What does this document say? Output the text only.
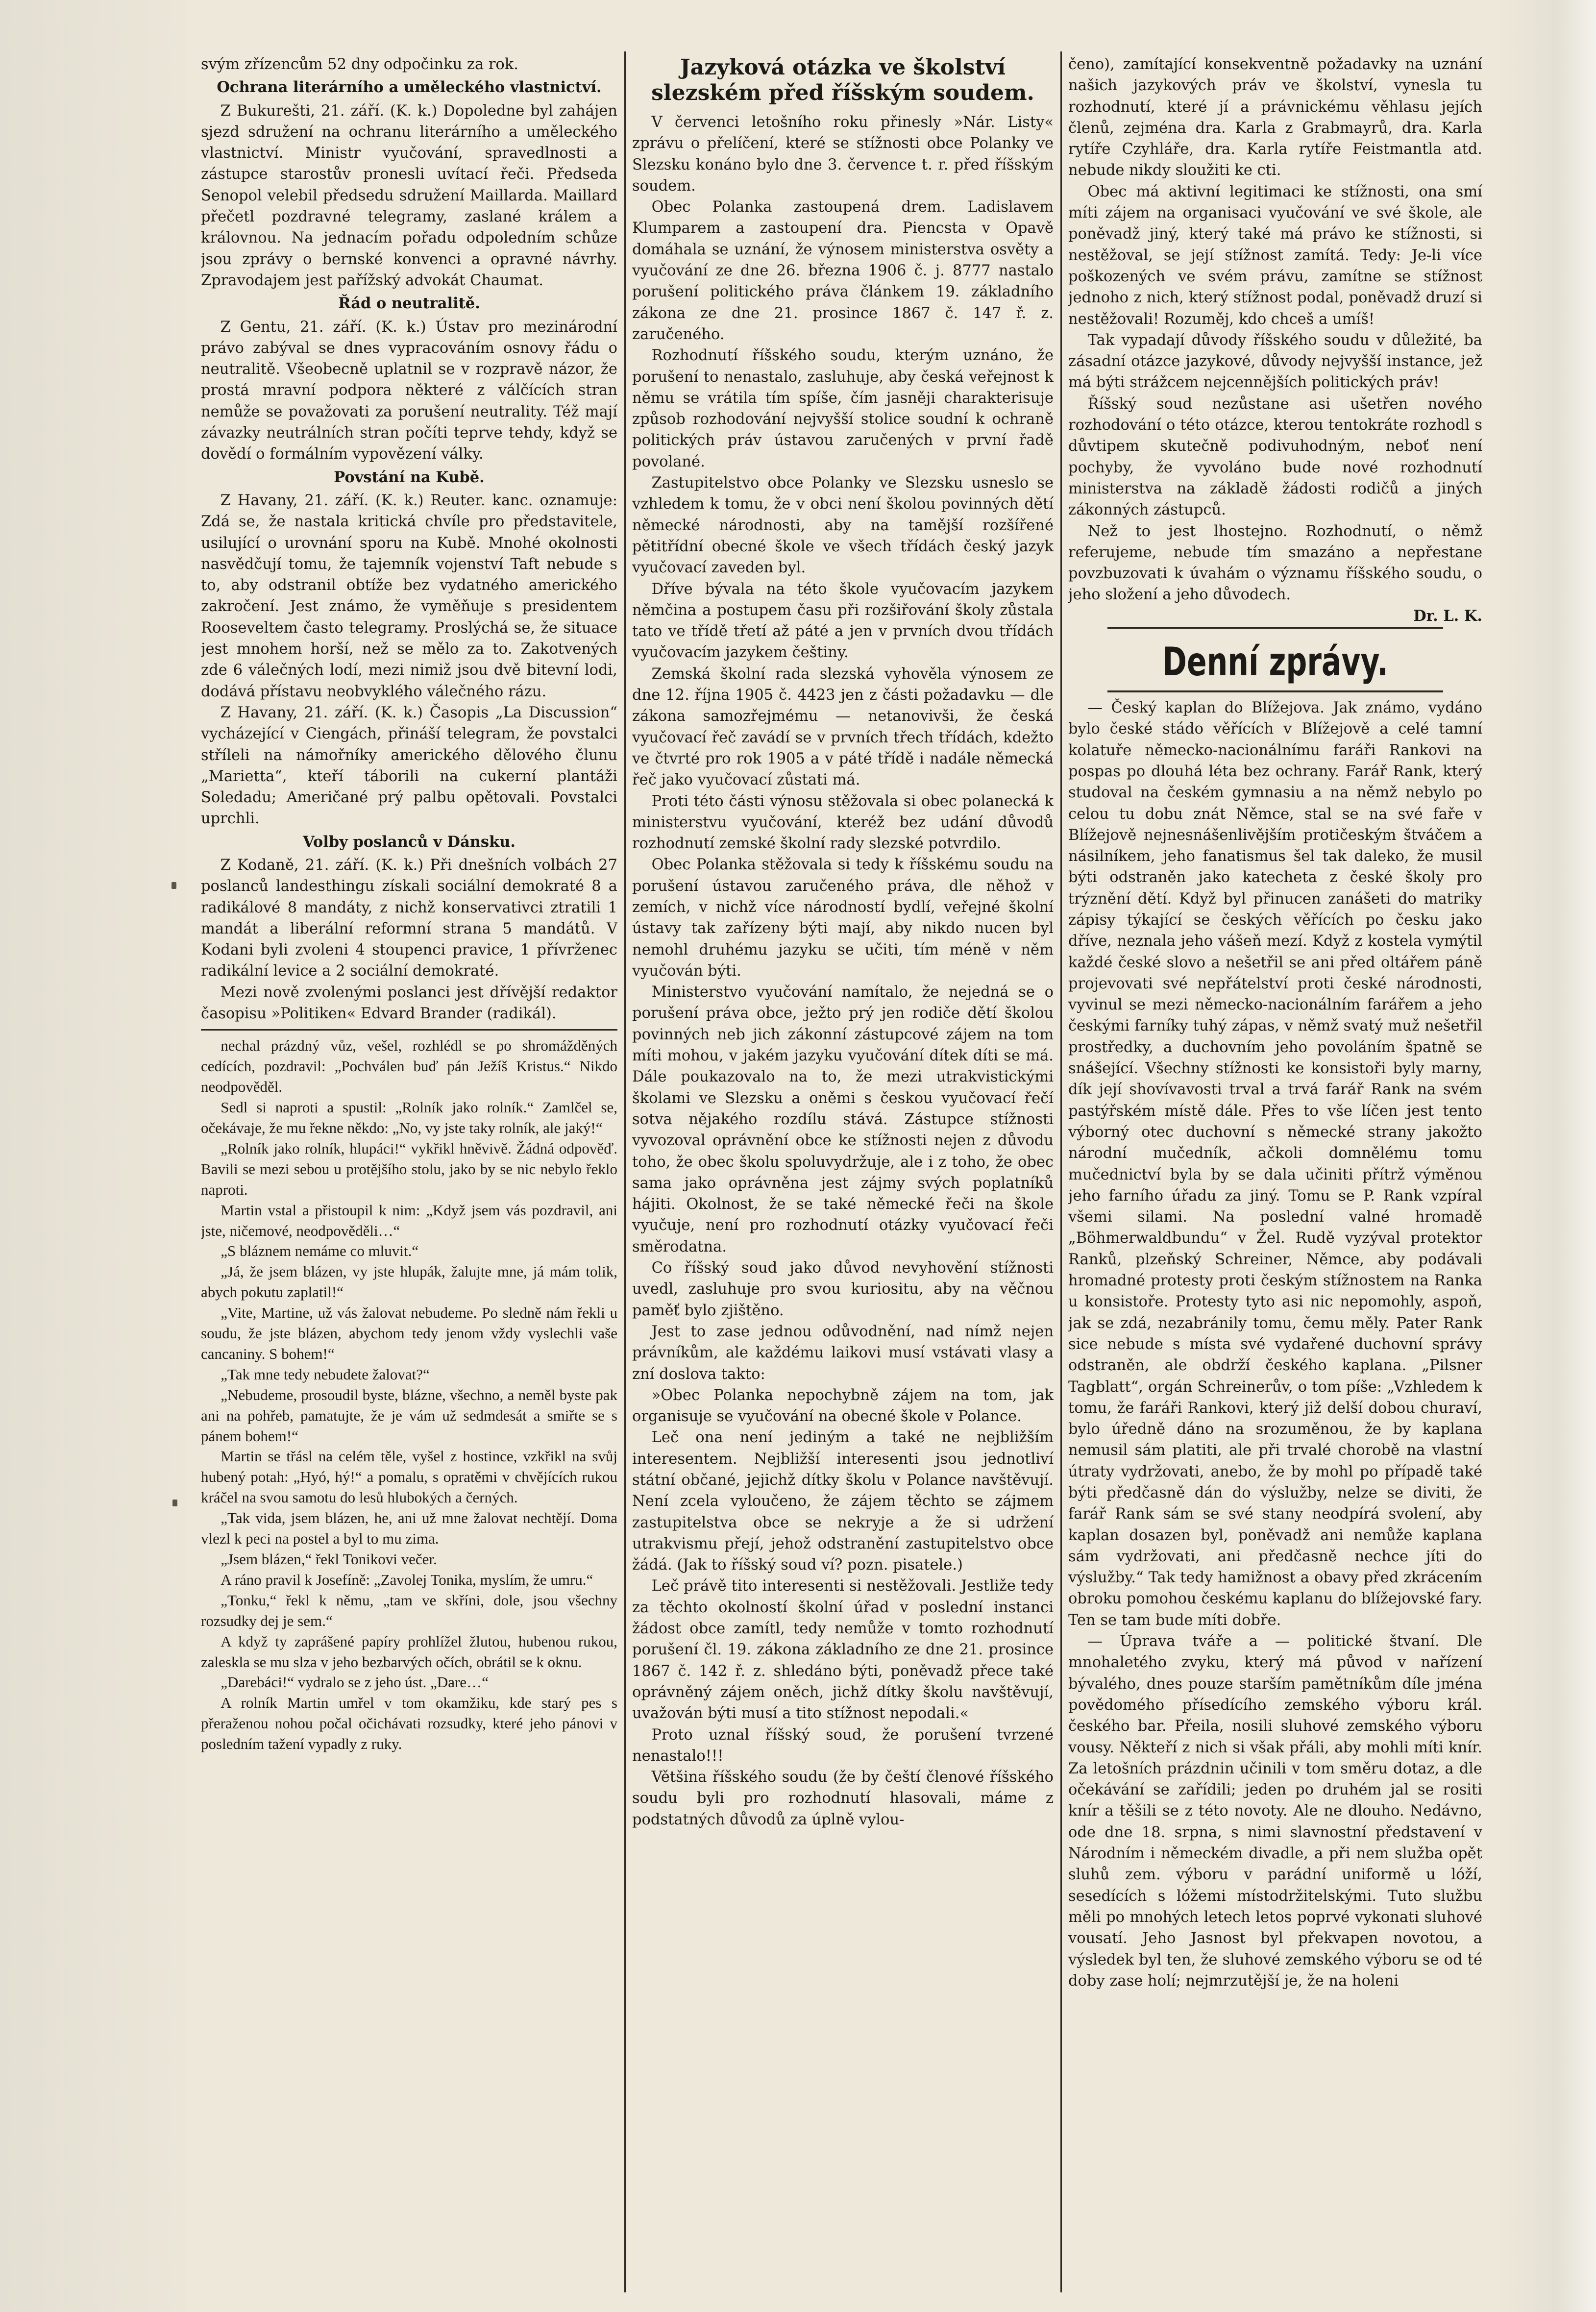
svým zřízencům 52 dny odpočinku za rok.

Ochrana literárního a uměleckého vlastnictví.

Z Bukurešti, 21. září. (K. k.) Dopoledne byl zahájen sjezd sdružení na ochranu literárního a uměleckého vlastnictví. Ministr vyučování, spravedlnosti a zástupce starostův pronesli uvítací řeči. Předseda Senopol velebil předsedu sdružení Maillarda. Maillard přečetl pozdravné telegramy, zaslané králem a královnou. Na jednacím pořadu odpoledním schůze jsou zprávy o bernské konvenci a opravné návrhy. Zpravodajem jest pařížský advokát Chaumat.

Řád o neutralitě.

Z Gentu, 21. září. (K. k.) Ústav pro mezinárodní právo zabýval se dnes vypracováním osnovy řádu o neutralitě. Všeobecně uplatnil se v rozpravě názor, že prostá mravní podpora některé z válčících stran nemůže se považovati za porušení neutrality. Též mají závazky neutrálních stran počíti teprve tehdy, když se dovědí o formálním vypovězení války.

Povstání na Kubě.

Z Havany, 21. září. (K. k.) Reuter. kanc. oznamuje: Zdá se, že nastala kritická chvíle pro představitele, usilující o urovnání sporu na Kubě. Mnohé okolnosti nasvědčují tomu, že tajemník vojenství Taft nebude s to, aby odstranil obtíže bez vydatného amerického zakročení. Jest známo, že vyměňuje s presidentem Rooseveltem často telegramy. Proslýchá se, že situace jest mnohem horší, než se mělo za to. Zakotvených zde 6 válečných lodí, mezi nimiž jsou dvě bitevní lodi, dodává přístavu neobvyklého válečného rázu.

Z Havany, 21. září. (K. k.) Časopis „La Discussion“ vycházející v Ciengách, přináší telegram, že povstalci stříleli na námořníky amerického dělového člunu „Marietta“, kteří táborili na cukerní plantáži Soledadu; Američané prý palbu opětovali. Povstalci uprchli.

Volby poslanců v Dánsku.

Z Kodaně, 21. září. (K. k.) Při dnešních volbách 27 poslanců landesthingu získali sociální demokraté 8 a radikálové 8 mandáty, z nichž konservativci ztratili 1 mandát a liberální reformní strana 5 mandátů. V Kodani byli zvoleni 4 stoupenci pravice, 1 přívrženec radikální levice a 2 sociální demokraté.

Mezi nově zvolenými poslanci jest dřívější redaktor časopisu »Politiken« Edvard Brander (radikál).

nechal prázdný vůz, vešel, rozhlédl se po shromážděných cedících, pozdravil: „Pochválen buď pán Ježíš Kristus.“ Nikdo neodpověděl.

Sedl si naproti a spustil: „Rolník jako rolník.“ Zamlčel se, očekávaje, že mu řekne někdo: „No, vy jste taky rolník, ale jaký!“

„Rolník jako rolník, hlupáci!“ vykřikl hněvivě. Žádná odpověď. Bavili se mezi sebou u protějšího stolu, jako by se nic nebylo řeklo naproti.

Martin vstal a přistoupil k nim: „Když jsem vás pozdravil, ani jste, ničemové, neodpověděli…“

„S bláznem nemáme co mluvit.“

„Já, že jsem blázen, vy jste hlupák, žalujte mne, já mám tolik, abych pokutu zaplatil!“

„Vite, Martine, už vás žalovat nebudeme. Po sledně nám řekli u soudu, že jste blázen, abychom tedy jenom vždy vyslechli vaše cancaniny. S bohem!“

„Tak mne tedy nebudete žalovat?“

„Nebudeme, prosoudil byste, blázne, všechno, a neměl byste pak ani na pohřeb, pamatujte, že je vám už sedmdesát a smiřte se s pánem bohem!“

Martin se třásl na celém těle, vyšel z hostince, vzkřikl na svůj hubený potah: „Hyó, hý!“ a pomalu, s opratěmi v chvějících rukou kráčel na svou samotu do lesů hlubokých a černých.

„Tak vida, jsem blázen, he, ani už mne žalovat nechtějí. Doma vlezl k peci na postel a byl to mu zima.

„Jsem blázen,“ řekl Tonikovi večer.

A ráno pravil k Josefíně: „Zavolej Tonika, myslím, že umru.“

„Tonku,“ řekl k němu, „tam ve skříni, dole, jsou všechny rozsudky dej je sem.“

A když ty zaprášené papíry prohlížel žlutou, hubenou rukou, zaleskla se mu slza v jeho bezbarvých očích, obrátil se k oknu.

„Darebáci!“ vydralo se z jeho úst. „Dare…“

A rolník Martin umřel v tom okamžiku, kde starý pes s přeraženou nohou počal očichávati rozsudky, které jeho pánovi v posledním tažení vypadly z ruky.

Jazyková otázka ve školství slezském před říšským soudem.

V červenci letošního roku přinesly »Nár. Listy« zprávu o přelíčení, které se stížnosti obce Polanky ve Slezsku konáno bylo dne 3. července t. r. před říšským soudem.

Obec Polanka zastoupená drem. Ladislavem Klumparem a zastoupení dra. Piencsta v Opavě domáhala se uznání, že výnosem ministerstva osvěty a vyučování ze dne 26. března 1906 č. j. 8777 nastalo porušení politického práva článkem 19. základního zákona ze dne 21. prosince 1867 č. 147 ř. z. zaručeného.

Rozhodnutí říšského soudu, kterým uznáno, že porušení to nenastalo, zasluhuje, aby česká veřejnost k němu se vrátila tím spíše, čím jasněji charakterisuje způsob rozhodování nejvyšší stolice soudní k ochraně politických práv ústavou zaručených v první řadě povolané.

Zastupitelstvo obce Polanky ve Slezsku usneslo se vzhledem k tomu, že v obci není školou povinných dětí německé národnosti, aby na tamější rozšířené pětitřídní obecné škole ve všech třídách český jazyk vyučovací zaveden byl.

Dříve bývala na této škole vyučovacím jazykem němčina a postupem času při rozšiřování školy zůstala tato ve třídě třetí až páté a jen v prvních dvou třídách vyučovacím jazykem češtiny.

Zemská školní rada slezská vyhověla výnosem ze dne 12. října 1905 č. 4423 jen z části požadavku — dle zákona samozřejmému — netanovivši, že česká vyučovací řeč zavádí se v prvních třech třídách, kdežto ve čtvrté pro rok 1905 a v páté třídě i nadále německá řeč jako vyučovací zůstati má.

Proti této části výnosu stěžovala si obec polanecká k ministerstvu vyučování, kteréž bez udání důvodů rozhodnutí zemské školní rady slezské potvrdilo.

Obec Polanka stěžovala si tedy k říšskému soudu na porušení ústavou zaručeného práva, dle něhož v zemích, v nichž více národností bydlí, veřejné školní ústavy tak zařízeny býti mají, aby nikdo nucen byl nemohl druhému jazyku se učiti, tím méně v něm vyučován býti.

Ministerstvo vyučování namítalo, že nejedná se o porušení práva obce, ježto prý jen rodiče dětí školou povinných neb jich zákonní zástupcové zájem na tom míti mohou, v jakém jazyku vyučování dítek díti se má. Dále poukazovalo na to, že mezi utrakvistickými školami ve Slezsku a oněmi s českou vyučovací řečí sotva nějakého rozdílu stává. Zástupce stížnosti vyvozoval oprávnění obce ke stížnosti nejen z důvodu toho, že obec školu spoluvydržuje, ale i z toho, že obec sama jako oprávněna jest zájmy svých poplatníků hájiti. Okolnost, že se také německé řeči na škole vyučuje, není pro rozhodnutí otázky vyučovací řeči směrodatna.

Co říšský soud jako důvod nevyhovění stížnosti uvedl, zasluhuje pro svou kuriositu, aby na věčnou paměť bylo zjištěno.

Jest to zase jednou odůvodnění, nad nímž nejen právníkům, ale každému laikovi musí vstávati vlasy a zní doslova takto:

»Obec Polanka nepochybně zájem na tom, jak organisuje se vyučování na obecné škole v Polance.

Leč ona není jediným a také ne nejbližším interesentem. Nejbližší interesenti jsou jednotliví státní občané, jejichž dítky školu v Polance navštěvují. Není zcela vyloučeno, že zájem těchto se zájmem zastupitelstva obce se nekryje a že si udržení utrakvismu přejí, jehož odstranění zastupitelstvo obce žádá. (Jak to říšský soud ví? pozn. pisatele.)

Leč právě tito interesenti si nestěžovali. Jestliže tedy za těchto okolností školní úřad v poslední instanci žádost obce zamítl, tedy nemůže v tomto rozhodnutí porušení čl. 19. zákona základního ze dne 21. prosince 1867 č. 142 ř. z. shledáno býti, poněvadž přece také oprávněný zájem oněch, jichž dítky školu navštěvují, uvažován býti musí a tito stížnost nepodali.«

Proto uznal říšský soud, že porušení tvrzené nenastalo!!!

Většina říšského soudu (že by čeští členové říšského soudu byli pro rozhodnutí hlasovali, máme z podstatných důvodů za úplně vylou-

čeno), zamítající konsekventně požadavky na uznání našich jazykových práv ve školství, vynesla tu rozhodnutí, které jí a právnickému věhlasu jejích členů, zejména dra. Karla z Grabmayrů, dra. Karla rytíře Czyhláře, dra. Karla rytíře Feistmantla atd. nebude nikdy sloužiti ke cti.

Obec má aktivní legitimaci ke stížnosti, ona smí míti zájem na organisaci vyučování ve své škole, ale poněvadž jiný, který také má právo ke stížnosti, si nestěžoval, se její stížnost zamítá. Tedy: Je-li více poškozených ve svém právu, zamítne se stížnost jednoho z nich, který stížnost podal, poněvadž druzí si nestěžovali! Rozuměj, kdo chceš a umíš!

Tak vypadají důvody říšského soudu v důležité, ba zásadní otázce jazykové, důvody nejvyšší instance, jež má býti strážcem nejcennějších politických práv!

Říšský soud nezůstane asi ušetřen nového rozhodování o této otázce, kterou tentokráte rozhodl s důvtipem skutečně podivuhodným, neboť není pochyby, že vyvoláno bude nové rozhodnutí ministerstva na základě žádosti rodičů a jiných zákonných zástupců.

Než to jest lhostejno. Rozhodnutí, o němž referujeme, nebude tím smazáno a nepřestane povzbuzovati k úvahám o významu říšského soudu, o jeho složení a jeho důvodech.

Dr. L. K.

Denní zprávy.

— Český kaplan do Blížejova. Jak známo, vydáno bylo české stádo věřících v Blížejově a celé tamní kolatuře německo-nacionálnímu faráři Rankovi na pospas po dlouhá léta bez ochrany. Farář Rank, který studoval na českém gymnasiu a na němž nebylo po celou tu dobu znát Němce, stal se na své faře v Blížejově nejnesnášenlivějším protičeským štváčem a násilníkem, jeho fanatismus šel tak daleko, že musil býti odstraněn jako katecheta z české školy pro trýznění dětí. Když byl přinucen zanášeti do matriky zápisy týkající se českých věřících po česku jako dříve, neznala jeho vášeň mezí. Když z kostela vymýtil každé české slovo a nešetřil se ani před oltářem páně projevovati své nepřátelství proti české národnosti, vyvinul se mezi německo-nacionálním farářem a jeho českými farníky tuhý zápas, v němž svatý muž nešetřil prostředky, a duchovním jeho povoláním špatně se snášející. Všechny stížnosti ke konsistoři byly marny, dík její shovívavosti trval a trvá farář Rank na svém pastýřském místě dále. Přes to vše líčen jest tento výborný otec duchovní s německé strany jakožto národní mučedník, ačkoli domnělému tomu mučednictví byla by se dala učiniti přítrž výměnou jeho farního úřadu za jiný. Tomu se P. Rank vzpíral všemi silami. Na poslední valné hromadě „Böhmerwaldbundu“ v Žel. Rudě vyzýval protektor Ranků, plzeňský Schreiner, Němce, aby podávali hromadné protesty proti českým stížnostem na Ranka u konsistoře. Protesty tyto asi nic nepomohly, aspoň, jak se zdá, nezabránily tomu, čemu měly. Pater Rank sice nebude s místa své vydařené duchovní správy odstraněn, ale obdrží českého kaplana. „Pilsner Tagblatt“, orgán Schreinerův, o tom píše: „Vzhledem k tomu, že faráři Rankovi, který již delší dobou churaví, bylo úředně dáno na srozuměnou, že by kaplana nemusil sám platiti, ale při trvalé chorobě na vlastní útraty vydržovati, anebo, že by mohl po případě také býti předčasně dán do výslužby, nelze se diviti, že farář Rank sám se své stany neodpírá svolení, aby kaplan dosazen byl, poněvadž ani nemůže kaplana sám vydržovati, ani předčasně nechce jíti do výslužby.“ Tak tedy hamižnost a obavy před zkrácením obroku pomohou českému kaplanu do blížejovské fary. Ten se tam bude míti dobře.

— Úprava tváře a — politické štvaní. Dle mnohaletého zvyku, který má původ v nařízení bývalého, dnes pouze starším pamětníkům díle jména povědomého přísedícího zemského výboru král. českého bar. Přeila, nosili sluhové zemského výboru vousy. Někteří z nich si však přáli, aby mohli míti knír. Za letošních prázdnin učinili v tom směru dotaz, a dle očekávání se zařídili; jeden po druhém jal se rositi knír a těšili se z této novoty. Ale ne dlouho. Nedávno, ode dne 18. srpna, s nimi slavnostní představení v Národním i německém divadle, a při nem služba opět sluhů zem. výboru v parádní uniformě u lóží, sesedících s lóžemi místodržitelskými. Tuto službu měli po mnohých letech letos poprvé vykonati sluhové vousatí. Jeho Jasnost byl překvapen novotou, a výsledek byl ten, že sluhové zemského výboru se od té doby zase holí; nejmrzutější je, že na holeni
